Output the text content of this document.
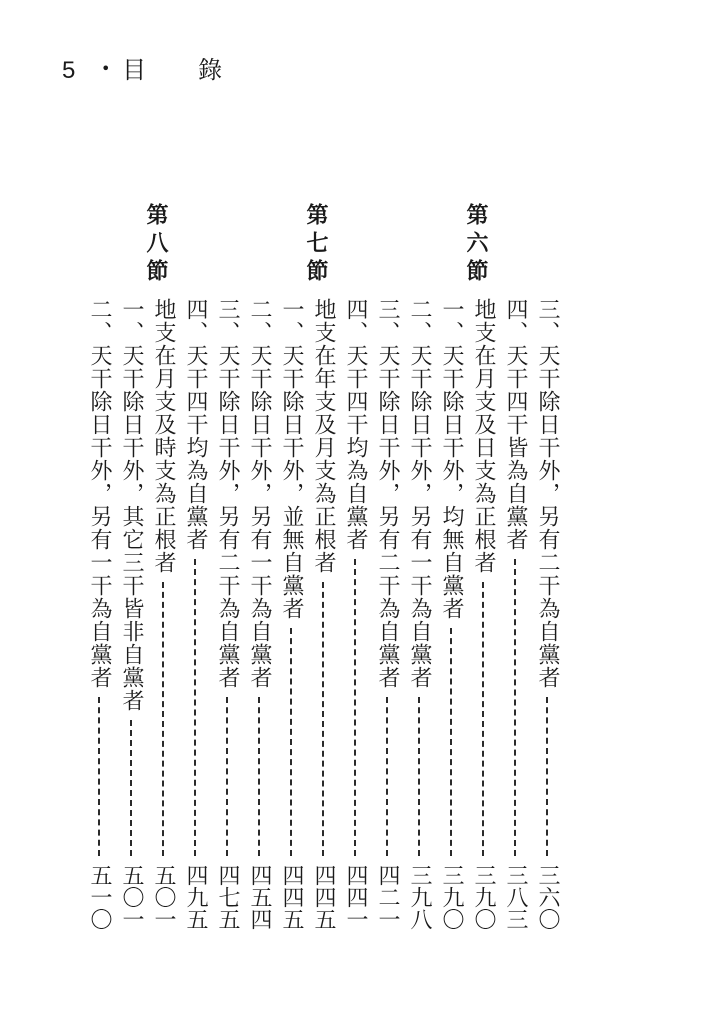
5 • 目錄
第六節
第七節
第八節
三、天干除日干外，另有二干為自黨者
三六〇
四、天干四干皆為自黨者
三八三
地支在月支及日支為正根者
三九〇
一、天干除日干外，均無自黨者
三九〇
二、天干除日干外，另有一干為自黨者
三九八
三、天干除日干外，另有二干為自黨者
四二一
四、天干四干均為自黨者
四四一
地支在年支及月支為正根者
四四五
一、天干除日干外，並無自黨者
四四五
二、天干除日干外，另有一干為自黨者
四五四
三、天干除日干外，另有二干為自黨者
四七五
四、天干四干均為自黨者
四九五
地支在月支及時支為正根者
五〇一
一、天干除日干外，其它三干皆非自黨者
五〇一
二、天干除日干外，另有一干為自黨者
五一〇
